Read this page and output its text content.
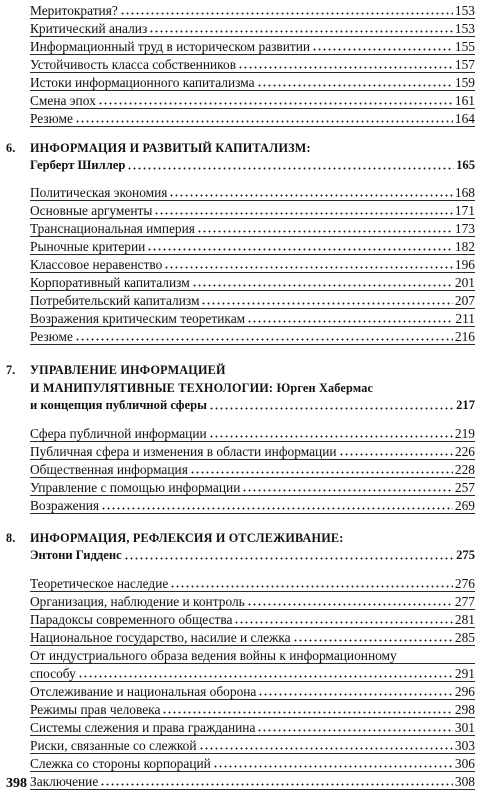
Меритократия?	153
Критический анализ	153
Информационный труд в историческом развитии	155
Устойчивость класса собственников	157
Истоки информационного капитализма	159
Смена эпох	161
Резюме	164
6. ИНФОРМАЦИЯ И РАЗВИТЫЙ КАПИТАЛИЗМ:
Герберт Шиллер	165
Политическая экономия	168
Основные аргументы	171
Транснациональная империя	173
Рыночные критерии	182
Классовое неравенство	196
Корпоративный капитализм	201
Потребительский капитализм	207
Возражения критическим теоретикам	211
Резюме	216
7. УПРАВЛЕНИЕ ИНФОРМАЦИЕЙ
И МАНИПУЛЯТИВНЫЕ ТЕХНОЛОГИИ: Юрген Хабермас
и концепция публичной сферы	217
Сфера публичной информации	219
Публичная сфера и изменения в области информации	226
Общественная информация	228
Управление с помощью информации	257
Возражения	269
8. ИНФОРМАЦИЯ, РЕФЛЕКСИЯ И ОТСЛЕЖИВАНИЕ:
Энтони Гидденс	275
Теоретическое наследие	276
Организация, наблюдение и контроль	277
Парадоксы современного общества	281
Национальное государство, насилие и слежка	285
От индустриального образа ведения войны к информационному
способу	291
Отслеживание и национальная оборона	296
Режимы прав человека	298
Системы слежения и права гражданина	301
Риски, связанные со слежкой	303
Слежка со стороны корпораций	306
Заключение	308
398
